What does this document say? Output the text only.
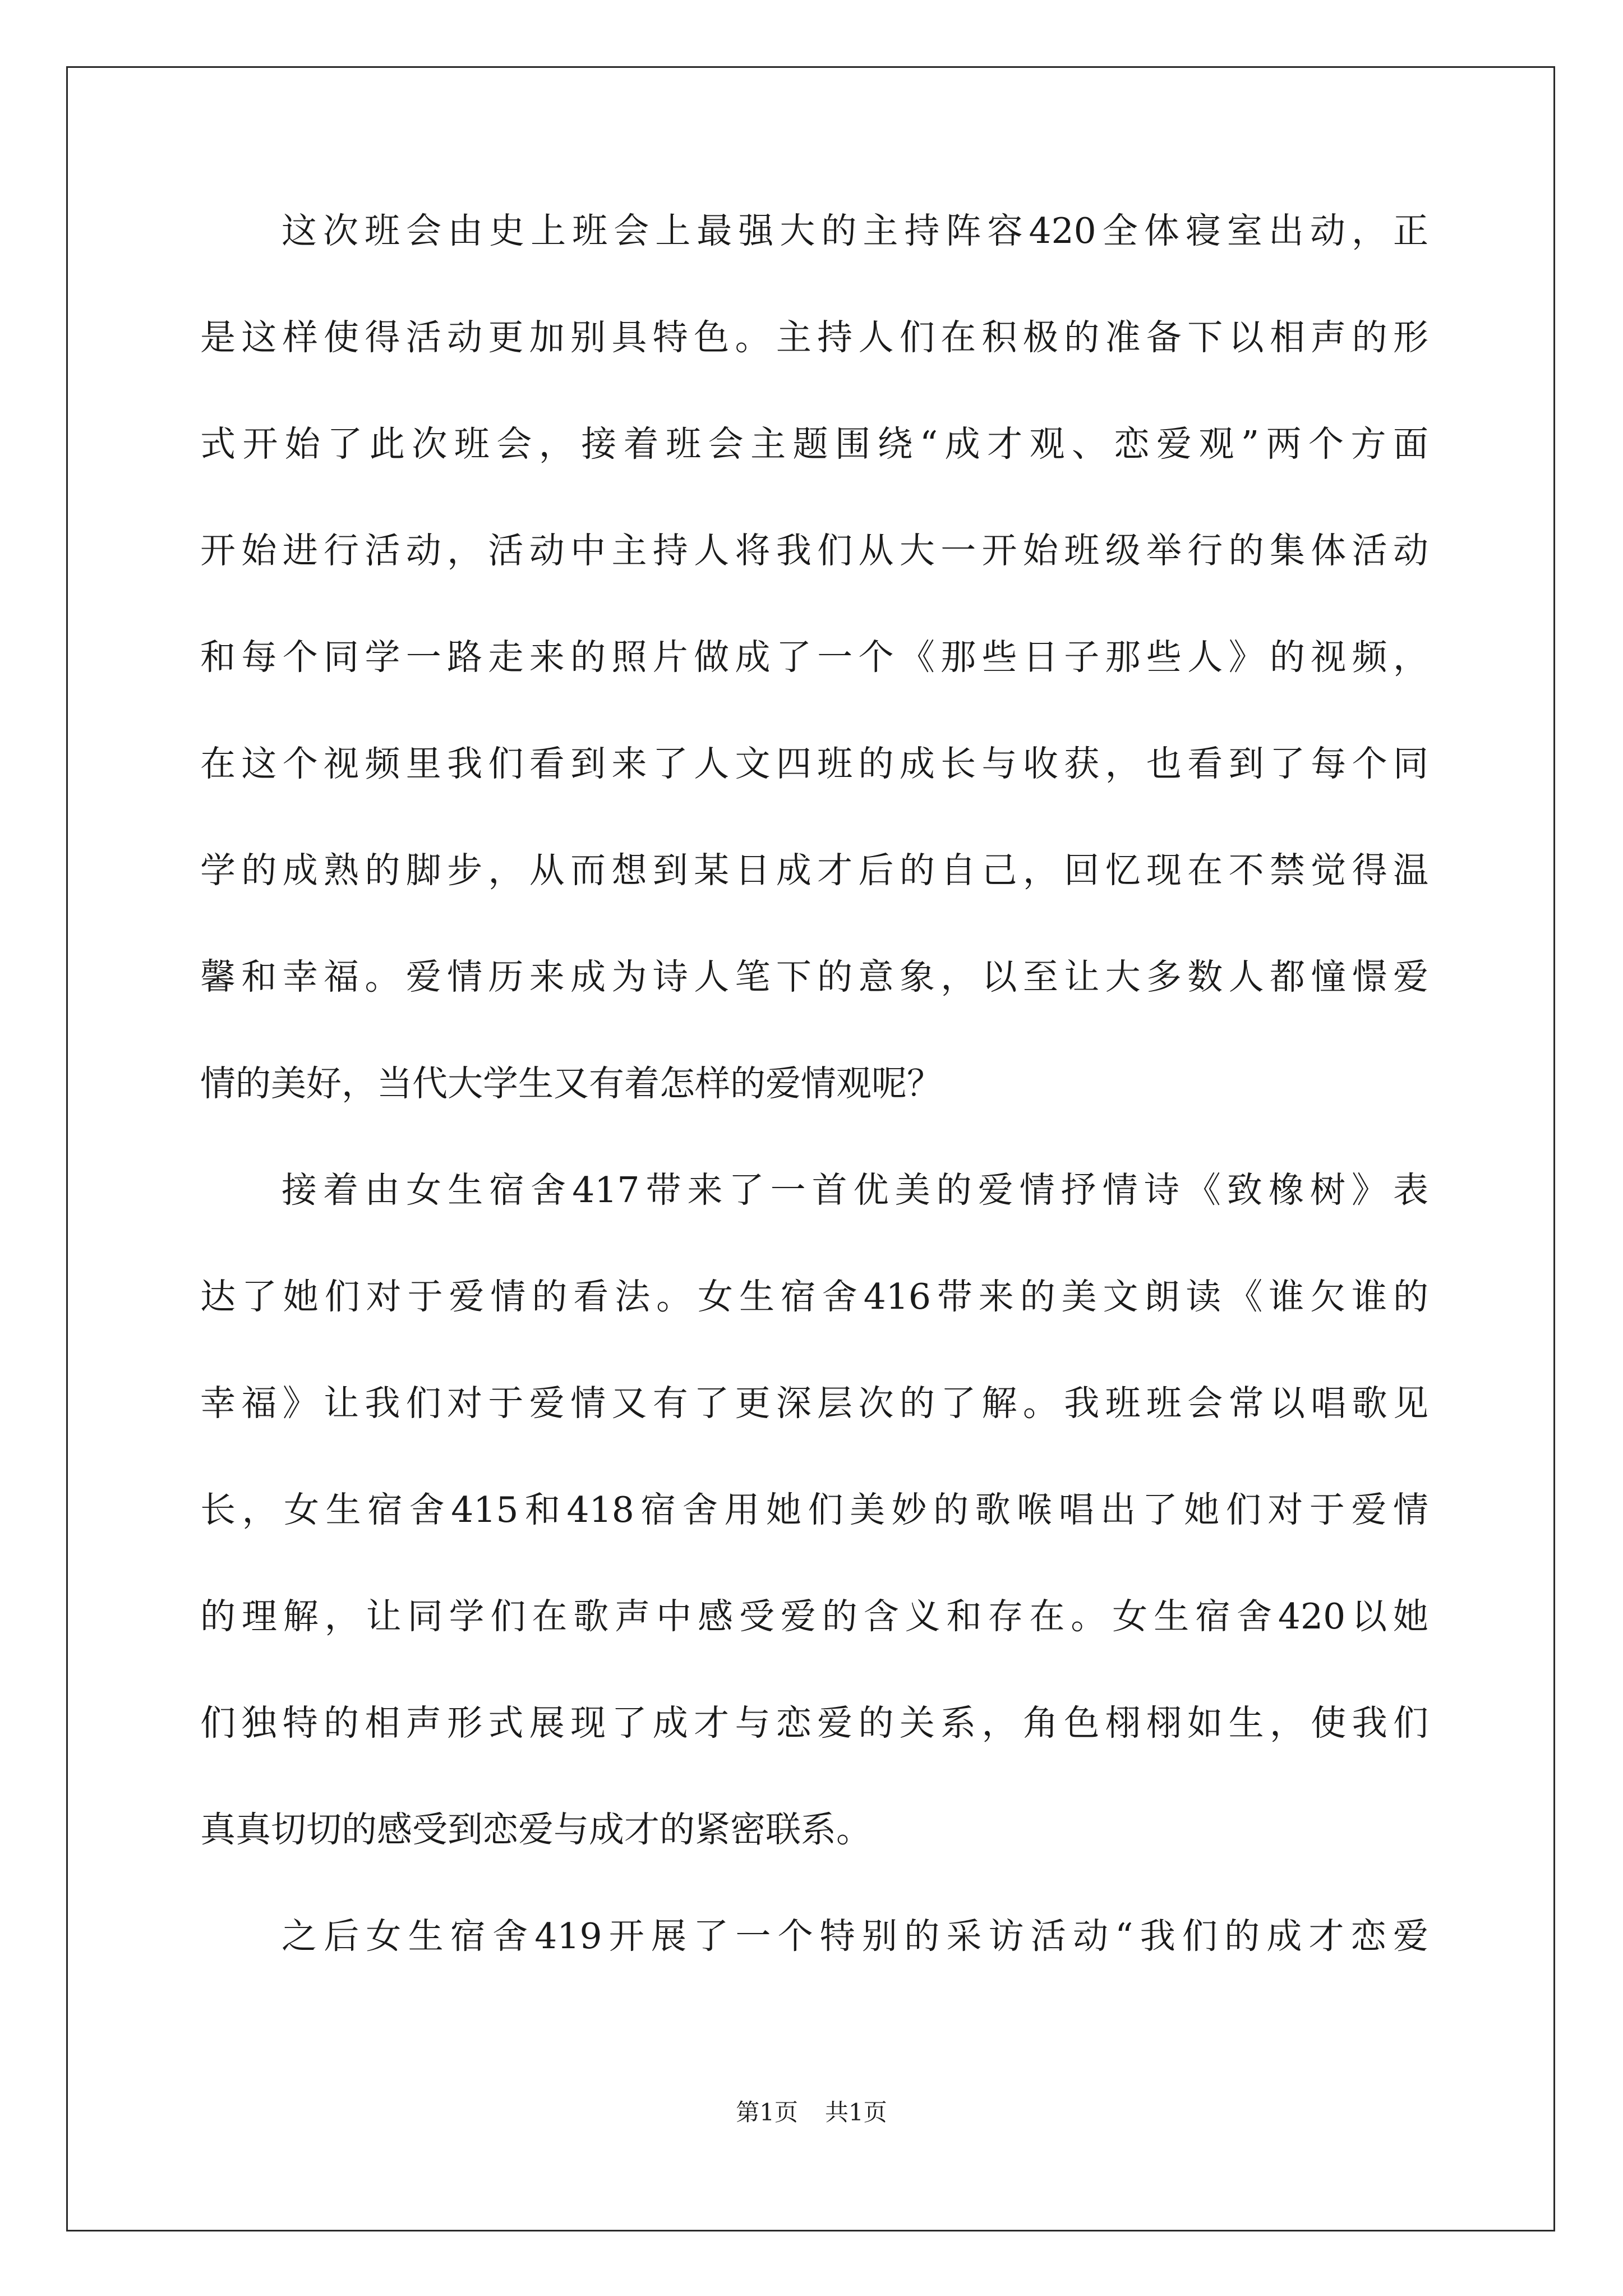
这次班会由史上班会上最强大的主持阵容420全体寝室出动，正
是这样使得活动更加别具特色。主持人们在积极的准备下以相声的形
式开始了此次班会，接着班会主题围绕“成才观、恋爱观”两个方面
开始进行活动，活动中主持人将我们从大一开始班级举行的集体活动
和每个同学一路走来的照片做成了一个《那些日子那些人》的视频，
在这个视频里我们看到来了人文四班的成长与收获，也看到了每个同
学的成熟的脚步，从而想到某日成才后的自己，回忆现在不禁觉得温
馨和幸福。爱情历来成为诗人笔下的意象，以至让大多数人都憧憬爱
情的美好，当代大学生又有着怎样的爱情观呢？
接着由女生宿舍417带来了一首优美的爱情抒情诗《致橡树》表
达了她们对于爱情的看法。女生宿舍416带来的美文朗读《谁欠谁的
幸福》让我们对于爱情又有了更深层次的了解。我班班会常以唱歌见
长，女生宿舍415和418宿舍用她们美妙的歌喉唱出了她们对于爱情
的理解，让同学们在歌声中感受爱的含义和存在。女生宿舍420以她
们独特的相声形式展现了成才与恋爱的关系，角色栩栩如生，使我们
真真切切的感受到恋爱与成才的紧密联系。
之后女生宿舍419开展了一个特别的采访活动“我们的成才恋爱
第1页 共1页
